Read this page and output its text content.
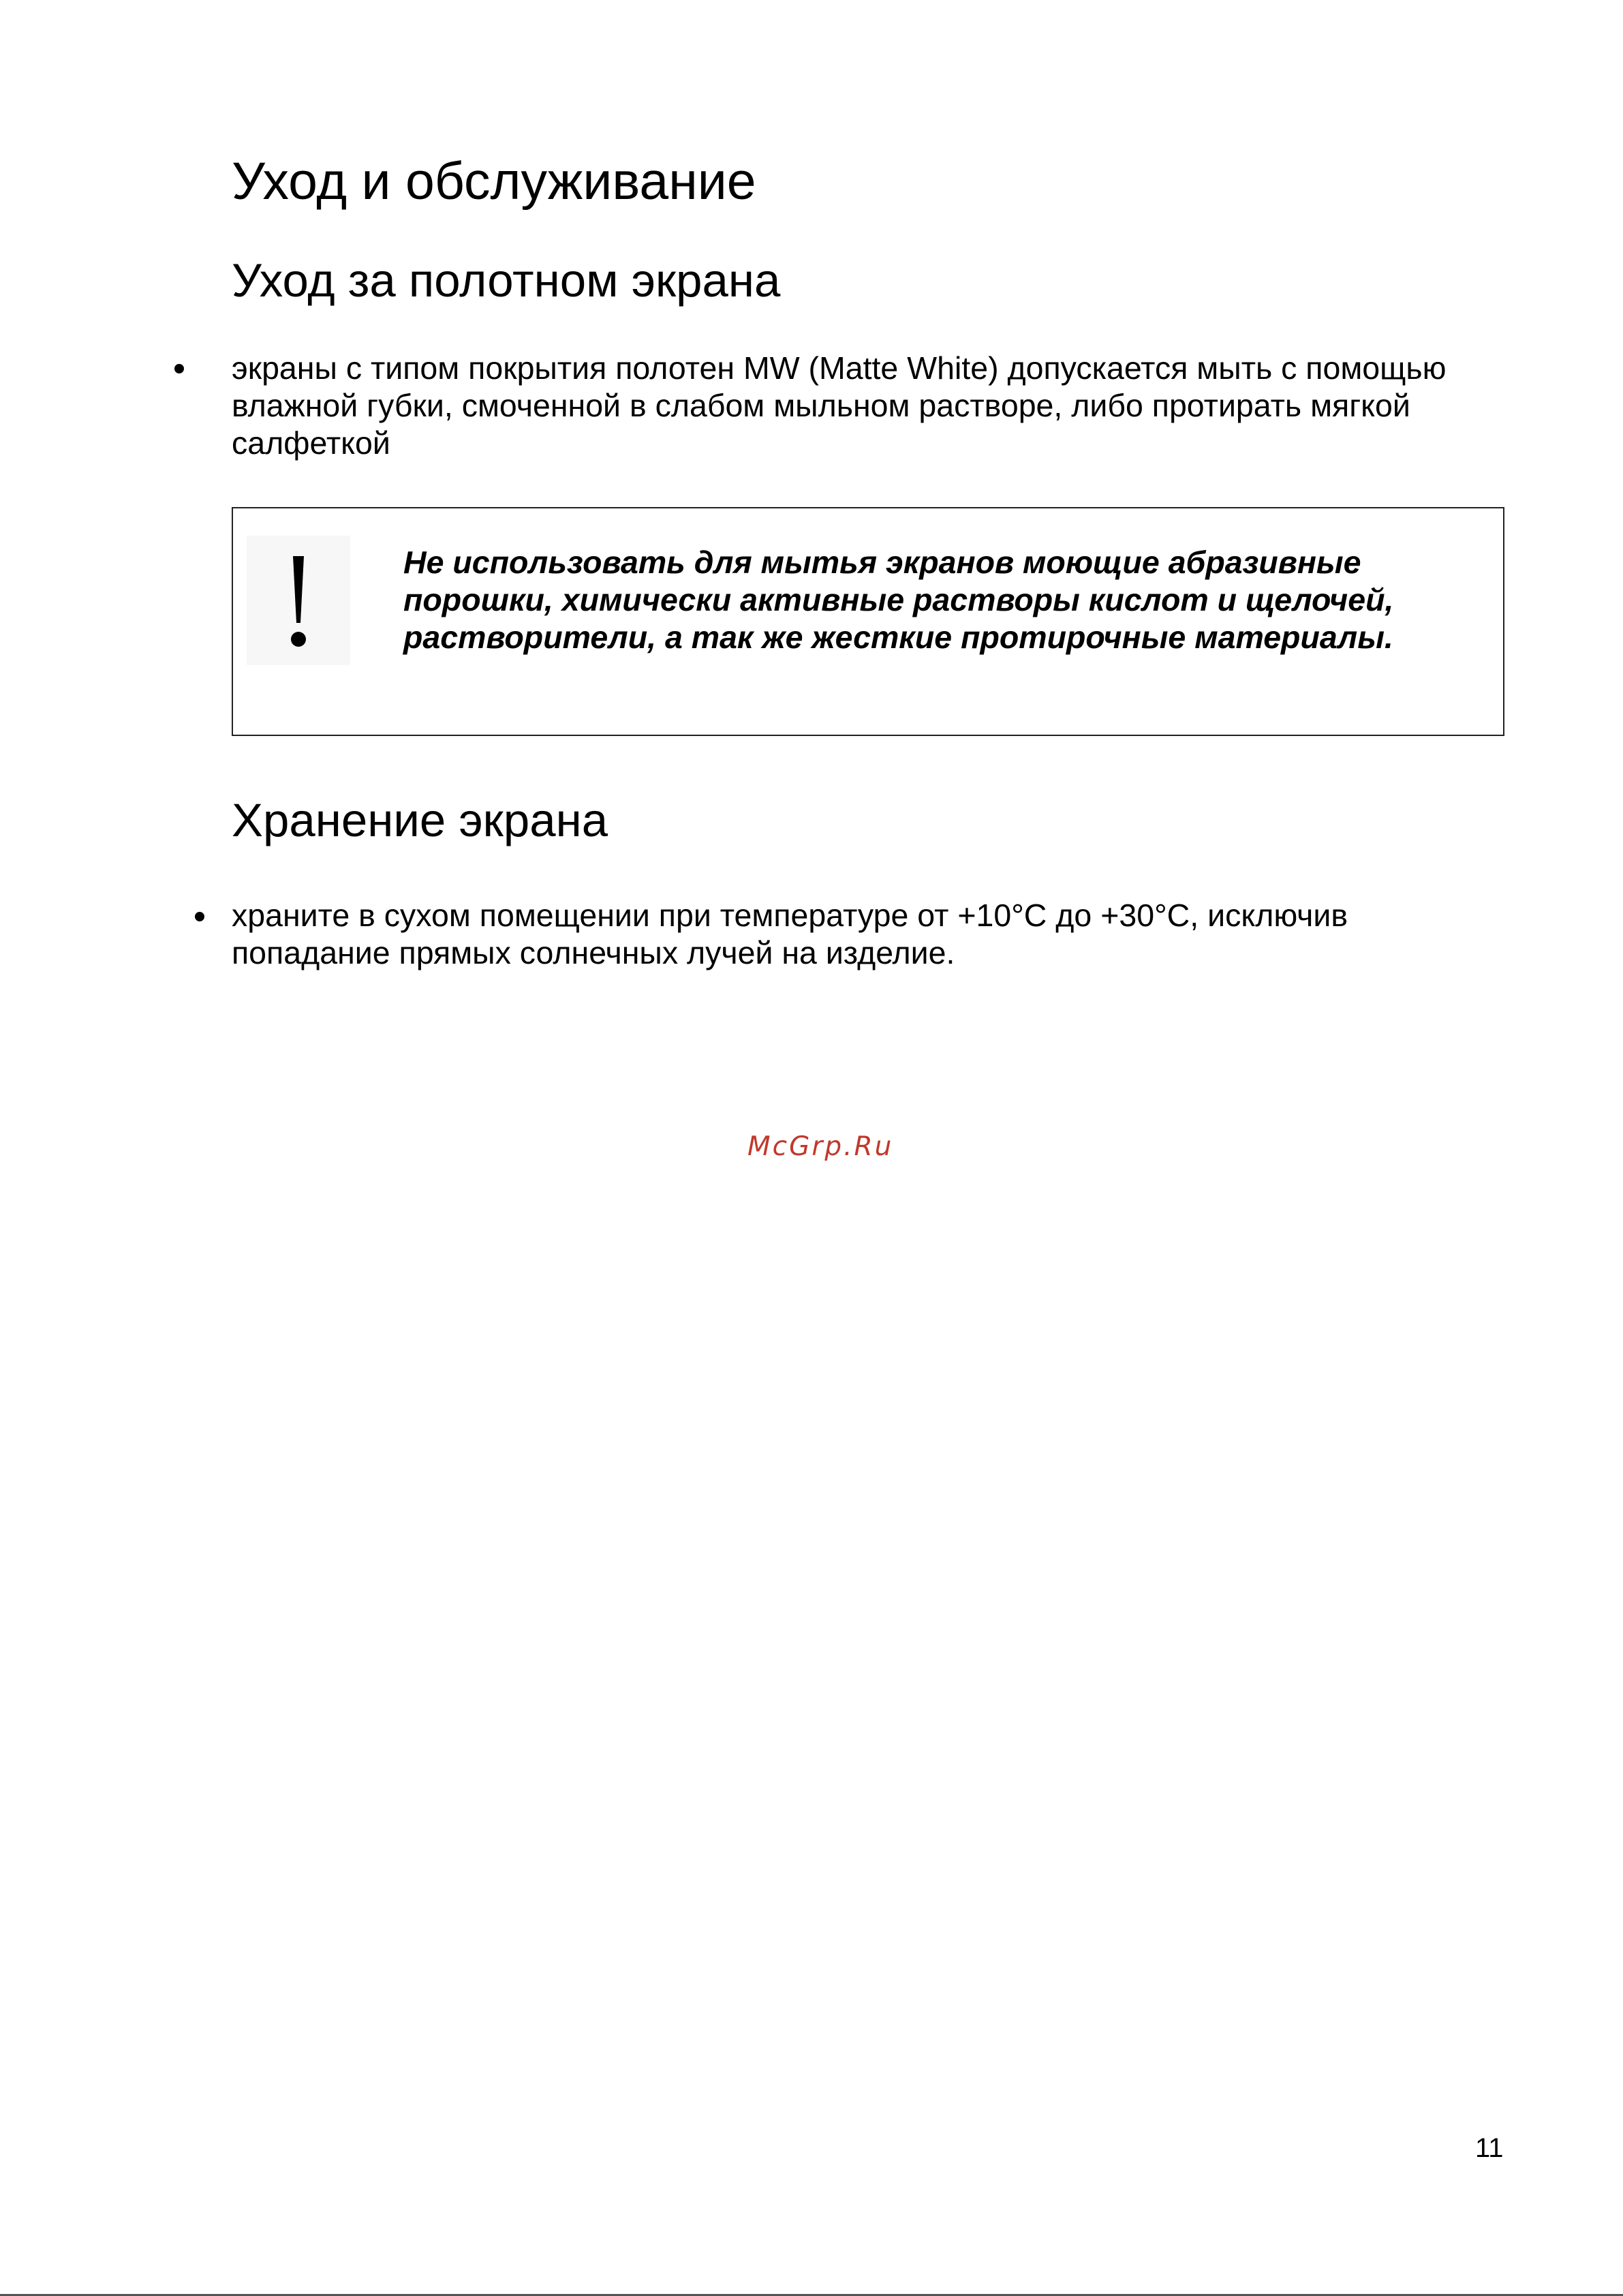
Уход и обслуживание
Уход за полотном экрана
экраны с типом покрытия полотен MW (Matte White) допускается мыть с помощью влажной губки, смоченной в слабом мыльном растворе, либо протирать мягкой салфеткой
Не использовать для мытья экранов моющие абразивные порошки, химически активные растворы кислот и щелочей, растворители, а так же жесткие протирочные материалы.
Хранение экрана
храните в сухом помещении при температуре от +10°C до +30°C, исключив попадание прямых солнечных лучей на изделие.
McGrp.Ru
11
